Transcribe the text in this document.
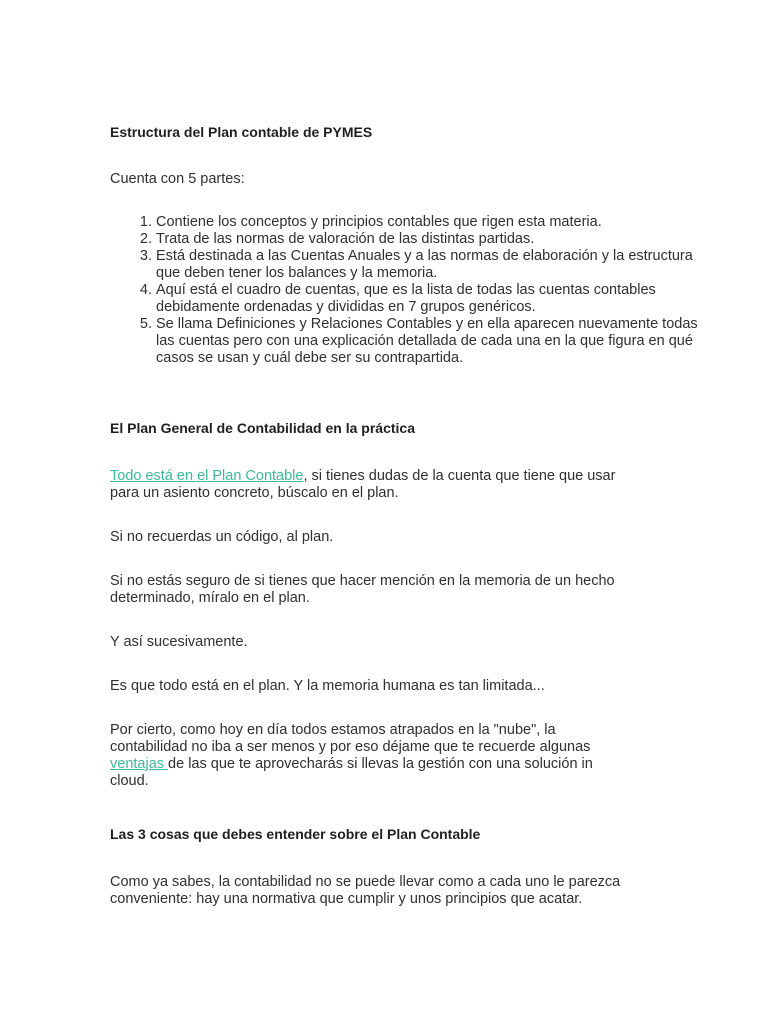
Estructura del Plan contable de PYMES

Cuenta con 5 partes:

1. Contiene los conceptos y principios contables que rigen esta materia.
2. Trata de las normas de valoración de las distintas partidas.
3. Está destinada a las Cuentas Anuales y a las normas de elaboración y la estructura que deben tener los balances y la memoria.
4. Aquí está el cuadro de cuentas, que es la lista de todas las cuentas contables debidamente ordenadas y divididas en 7 grupos genéricos.
5. Se llama Definiciones y Relaciones Contables y en ella aparecen nuevamente todas las cuentas pero con una explicación detallada de cada una en la que figura en qué casos se usan y cuál debe ser su contrapartida.
El Plan General de Contabilidad en la práctica

Todo está en el Plan Contable, si tienes dudas de la cuenta que tiene que usar para un asiento concreto, búscalo en el plan.

Si no recuerdas un código, al plan.

Si no estás seguro de si tienes que hacer mención en la memoria de un hecho determinado, míralo en el plan.

Y así sucesivamente.

Es que todo está en el plan. Y la memoria humana es tan limitada...

Por cierto, como hoy en día todos estamos atrapados en la "nube", la contabilidad no iba a ser menos y por eso déjame que te recuerde algunas ventajas de las que te aprovecharás si llevas la gestión con una solución in cloud.

Las 3 cosas que debes entender sobre el Plan Contable

Como ya sabes, la contabilidad no se puede llevar como a cada uno le parezca conveniente: hay una normativa que cumplir y unos principios que acatar.
